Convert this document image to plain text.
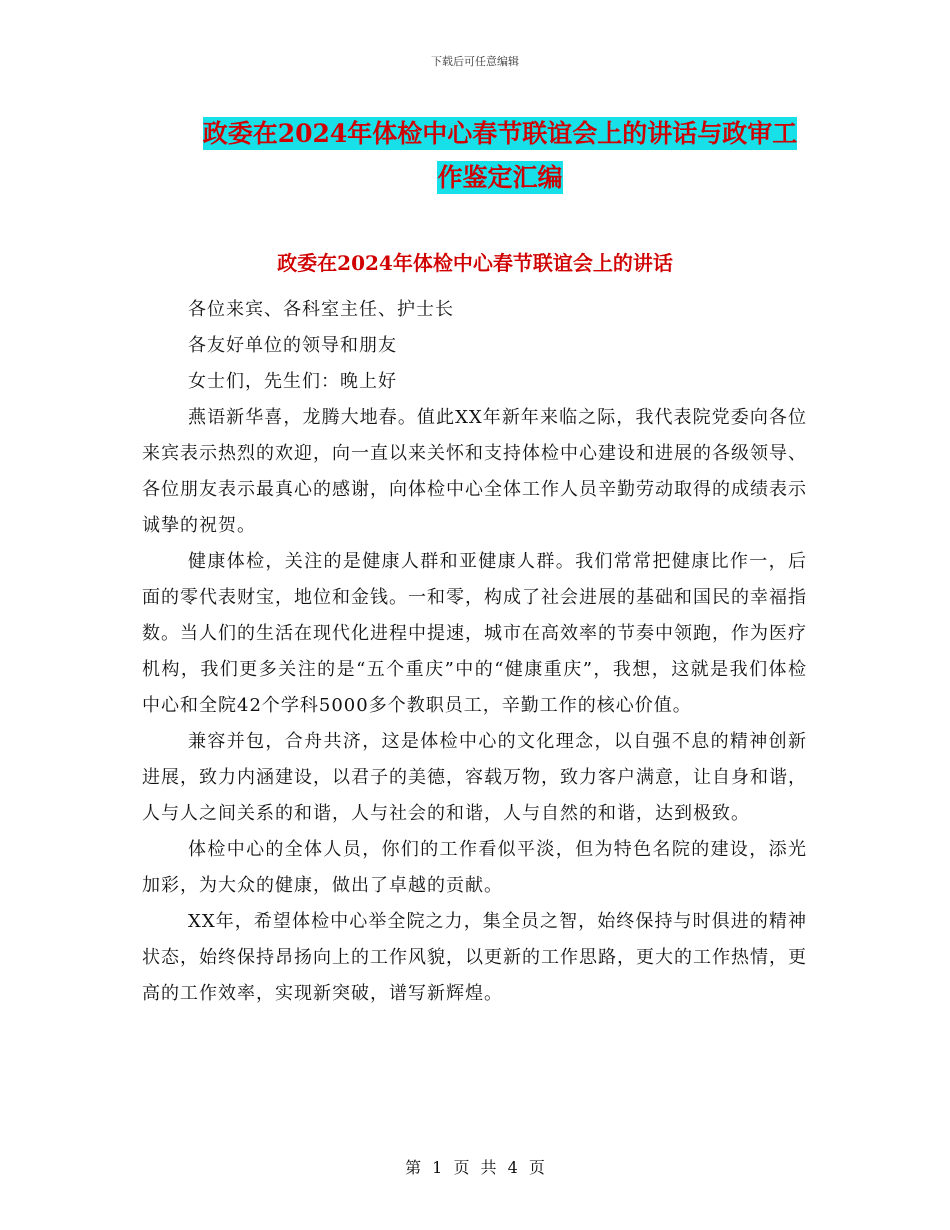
下载后可任意编辑
政委在2024年体检中心春节联谊会上的讲话与政审工
作鉴定汇编
政委在2024年体检中心春节联谊会上的讲话

各位来宾、各科室主任、护士长

各友好单位的领导和朋友

女士们，先生们：晚上好

燕语新华喜，龙腾大地春。值此XX年新年来临之际，我代表院党委向各位来宾表示热烈的欢迎，向一直以来关怀和支持体检中心建设和进展的各级领导、各位朋友表示最真心的感谢，向体检中心全体工作人员辛勤劳动取得的成绩表示诚挚的祝贺。

健康体检，关注的是健康人群和亚健康人群。我们常常把健康比作一，后面的零代表财宝，地位和金钱。一和零，构成了社会进展的基础和国民的幸福指数。当人们的生活在现代化进程中提速，城市在高效率的节奏中领跑，作为医疗机构，我们更多关注的是“五个重庆”中的“健康重庆”，我想，这就是我们体检中心和全院42个学科5000多个教职员工，辛勤工作的核心价值。

兼容并包，合舟共济，这是体检中心的文化理念，以自强不息的精神创新进展，致力内涵建设，以君子的美德，容载万物，致力客户满意，让自身和谐，人与人之间关系的和谐，人与社会的和谐，人与自然的和谐，达到极致。

体检中心的全体人员，你们的工作看似平淡，但为特色名院的建设，添光加彩，为大众的健康，做出了卓越的贡献。

XX年，希望体检中心举全院之力，集全员之智，始终保持与时俱进的精神状态，始终保持昂扬向上的工作风貌，以更新的工作思路，更大的工作热情，更高的工作效率，实现新突破，谱写新辉煌。

第 1 页 共 4 页
